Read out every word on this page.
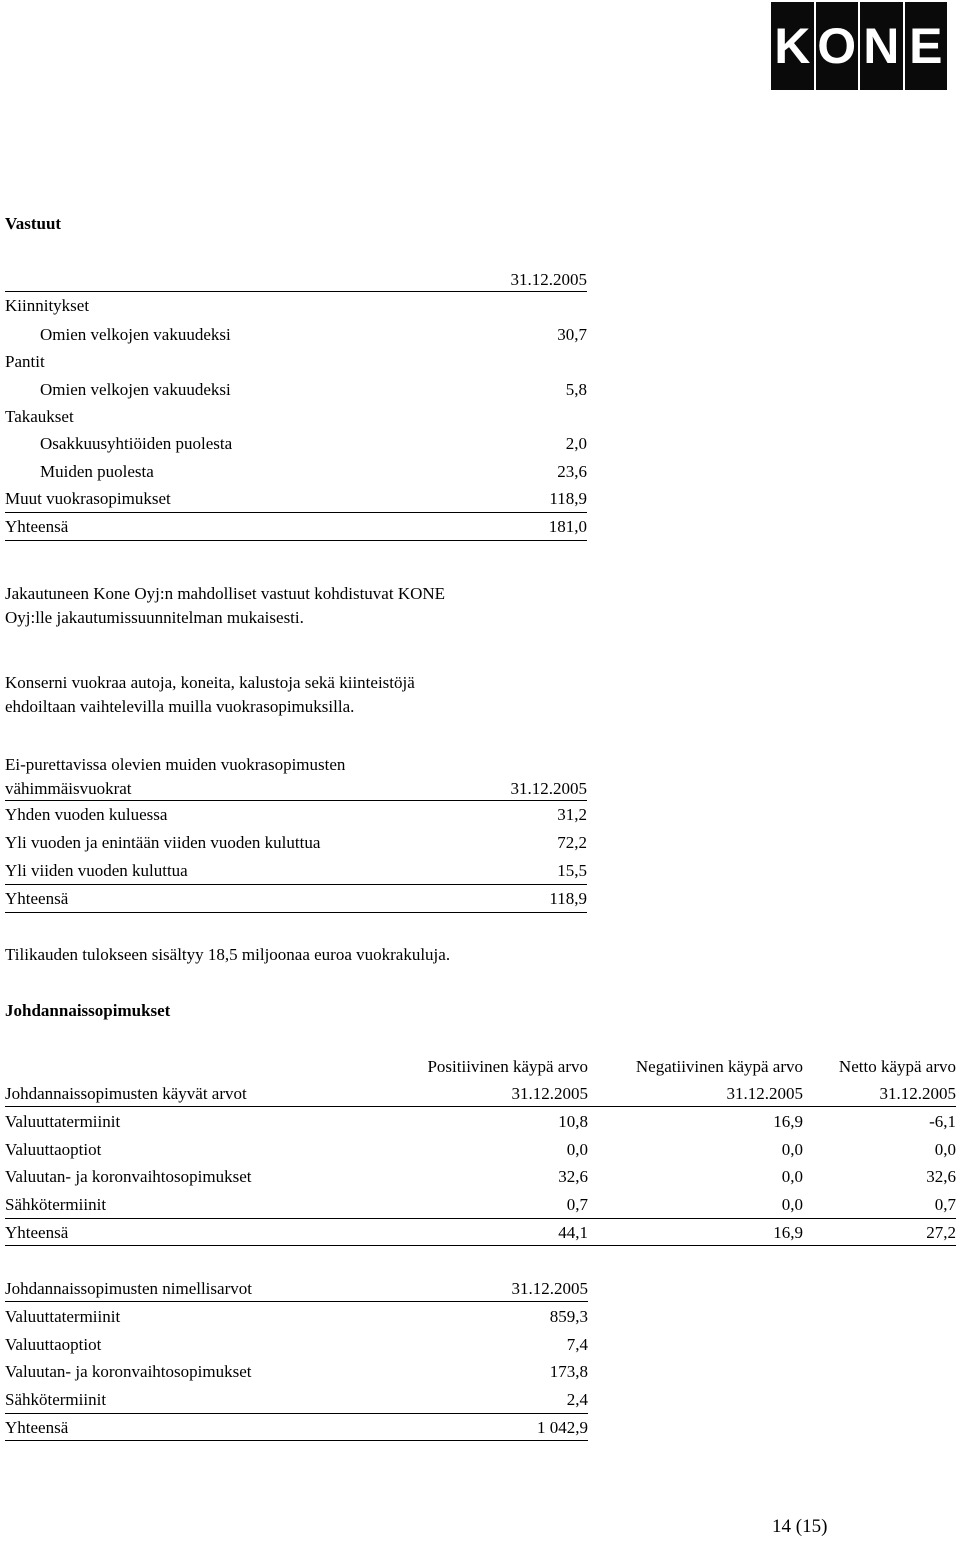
K O N E
Vastuut
31.12.2005
Kiinnitykset
Omien velkojen vakuudeksi	30,7
Pantit
Omien velkojen vakuudeksi	5,8
Takaukset
Osakkuusyhtiöiden puolesta	2,0
Muiden puolesta	23,6
Muut vuokrasopimukset	118,9
Yhteensä	181,0
Jakautuneen Kone Oyj:n mahdolliset vastuut kohdistuvat KONE
Oyj:lle jakautumissuunnitelman mukaisesti.
Konserni vuokraa autoja, koneita, kalustoja sekä kiinteistöjä
ehdoiltaan vaihtelevilla muilla vuokrasopimuksilla.
Ei-purettavissa olevien muiden vuokrasopimusten
vähimmäisvuokrat	31.12.2005
Yhden vuoden kuluessa	31,2
Yli vuoden ja enintään viiden vuoden kuluttua	72,2
Yli viiden vuoden kuluttua	15,5
Yhteensä	118,9
Tilikauden tulokseen sisältyy 18,5 miljoonaa euroa vuokrakuluja.
Johdannaissopimukset
Positiivinen käypä arvo	Negatiivinen käypä arvo	Netto käypä arvo
Johdannaissopimusten käyvät arvot	31.12.2005	31.12.2005	31.12.2005
Valuuttatermiinit	10,8	16,9	-6,1
Valuuttaoptiot	0,0	0,0	0,0
Valuutan- ja koronvaihtosopimukset	32,6	0,0	32,6
Sähkötermiinit	0,7	0,0	0,7
Yhteensä	44,1	16,9	27,2
Johdannaissopimusten nimellisarvot	31.12.2005
Valuuttatermiinit	859,3
Valuuttaoptiot	7,4
Valuutan- ja koronvaihtosopimukset	173,8
Sähkötermiinit	2,4
Yhteensä	1 042,9
14 (15)
